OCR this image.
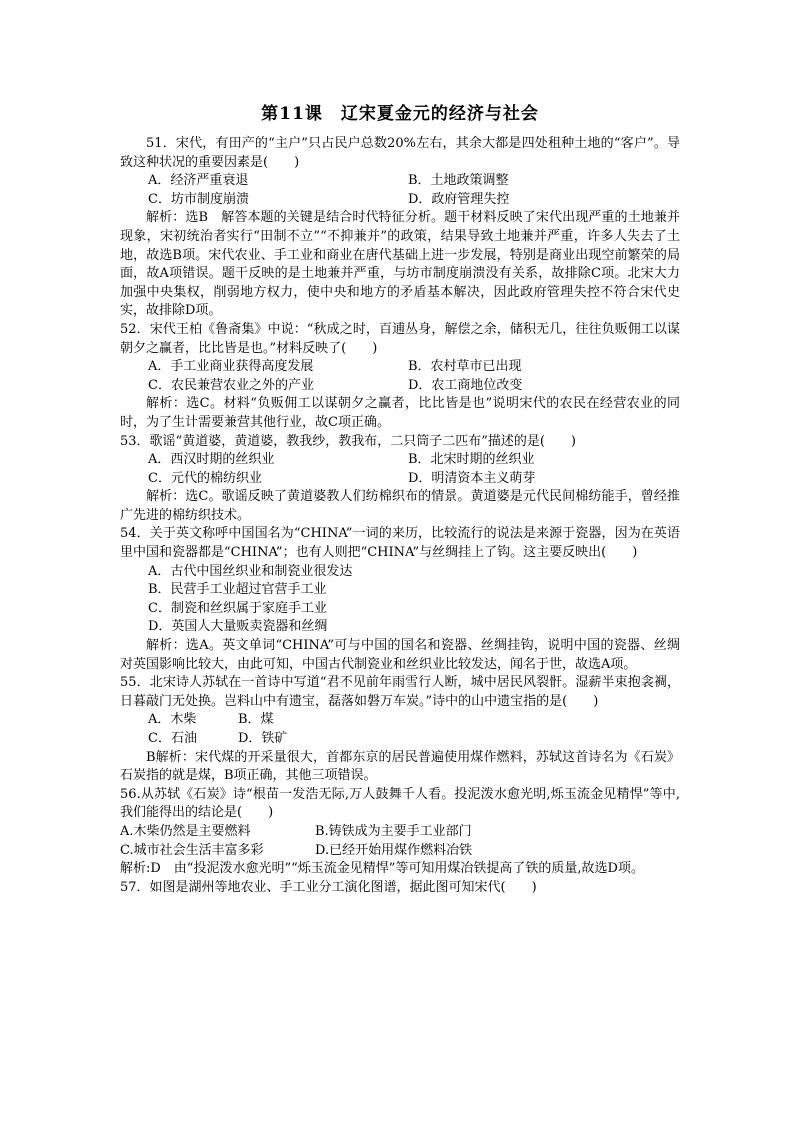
第11课　辽宋夏金元的经济与社会

51．宋代，有田产的“主户”只占民户总数20%左右，其余大都是四处租种土地的“客户”。导致这种状况的重要因素是(　　)

A．经济严重衰退	B．土地政策调整
C．坊市制度崩溃	D．政府管理失控

解析：选B　解答本题的关键是结合时代特征分析。题干材料反映了宋代出现严重的土地兼并现象，宋初统治者实行“田制不立”“不抑兼并”的政策，结果导致土地兼并严重，许多人失去了土地，故选B项。宋代农业、手工业和商业在唐代基础上进一步发展，特别是商业出现空前繁荣的局面，故A项错误。题干反映的是土地兼并严重，与坊市制度崩溃没有关系，故排除C项。北宋大力加强中央集权，削弱地方权力，使中央和地方的矛盾基本解决，因此政府管理失控不符合宋代史实，故排除D项。

52．宋代王柏《鲁斋集》中说：“秋成之时，百逋丛身，解偿之余，储积无几，往往负贩佣工以谋朝夕之赢者，比比皆是也。”材料反映了(　　)

A．手工业商业获得高度发展	B．农村草市已出现
C．农民兼营农业之外的产业	D．农工商地位改变

解析：选C。材料“负贩佣工以谋朝夕之赢者，比比皆是也”说明宋代的农民在经营农业的同时，为了生计需要兼营其他行业，故C项正确。

53．歌谣“黄道婆，黄道婆，教我纱，教我布，二只筒子二匹布”描述的是(　　)

A．西汉时期的丝织业	B．北宋时期的丝织业
C．元代的棉纺织业	D．明清资本主义萌芽

解析：选C。歌谣反映了黄道婆教人们纺棉织布的情景。黄道婆是元代民间棉纺能手，曾经推广先进的棉纺织技术。

54．关于英文称呼中国国名为“CHINA”一词的来历，比较流行的说法是来源于瓷器，因为在英语里中国和瓷器都是“CHINA”；也有人则把“CHINA”与丝绸挂上了钩。这主要反映出(　　)

A．古代中国丝织业和制瓷业很发达
B．民营手工业超过官营手工业
C．制瓷和丝织属于家庭手工业
D．英国人大量贩卖瓷器和丝绸

解析：选A。英文单词“CHINA”可与中国的国名和瓷器、丝绸挂钩，说明中国的瓷器、丝绸对英国影响比较大，由此可知，中国古代制瓷业和丝织业比较发达，闻名于世，故选A项。

55．北宋诗人苏轼在一首诗中写道“君不见前年雨雪行人断，城中居民风裂骭。湿薪半束抱衾裯，日暮敲门无处换。岂料山中有遗宝，磊落如磐万车炭。”诗中的山中遗宝指的是(　　)

A．木柴	B．煤
C．石油	D．铁矿

B解析：宋代煤的开采量很大，首都东京的居民普遍使用煤作燃料，苏轼这首诗名为《石炭》石炭指的就是煤，B项正确，其他三项错误。

56.从苏轼《石炭》诗“根苗一发浩无际,万人鼓舞千人看。投泥泼水愈光明,烁玉流金见精悍”等中,我们能得出的结论是(　　)

A.木柴仍然是主要燃料	B.铸铁成为主要手工业部门
C.城市社会生活丰富多彩	D.已经开始用煤作燃料冶铁

解析:D　由“投泥泼水愈光明”“烁玉流金见精悍”等可知用煤冶铁提高了铁的质量,故选D项。

57．如图是湖州等地农业、手工业分工演化图谱，据此图可知宋代(　　)
